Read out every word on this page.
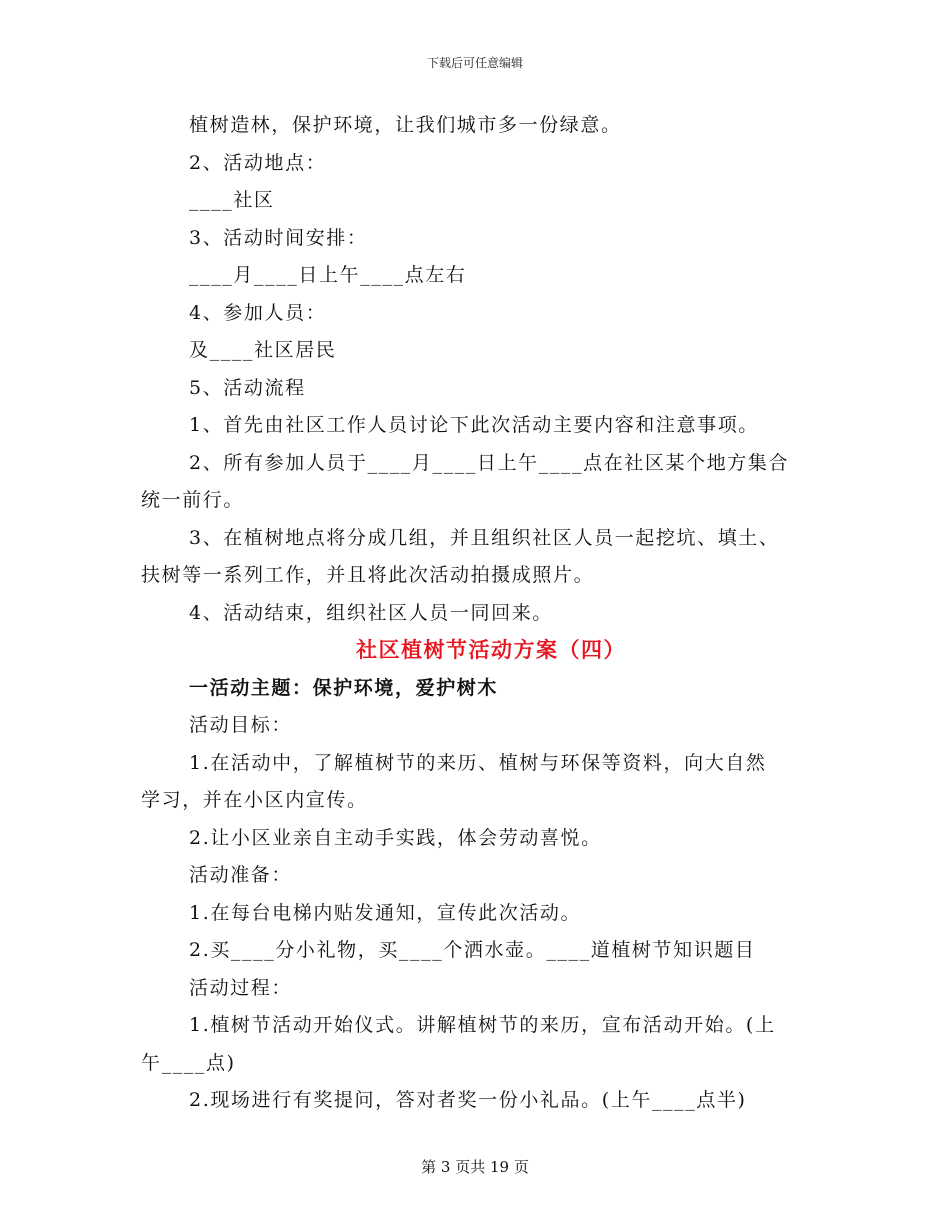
下载后可任意编辑
植树造林，保护环境，让我们城市多一份绿意。
2、活动地点：
____社区
3、活动时间安排：
____月____日上午____点左右
4、参加人员：
及____社区居民
5、活动流程
1、首先由社区工作人员讨论下此次活动主要内容和注意事项。
2、所有参加人员于____月____日上午____点在社区某个地方集合
统一前行。
3、在植树地点将分成几组，并且组织社区人员一起挖坑、填土、
扶树等一系列工作，并且将此次活动拍摄成照片。
4、活动结束，组织社区人员一同回来。
社区植树节活动方案（四）
一活动主题：保护环境，爱护树木
活动目标：
1.在活动中，了解植树节的来历、植树与环保等资料，向大自然
学习，并在小区内宣传。
2.让小区业亲自主动手实践，体会劳动喜悦。
活动准备：
1.在每台电梯内贴发通知，宣传此次活动。
2.买____分小礼物，买____个洒水壶。____道植树节知识题目
活动过程：
1.植树节活动开始仪式。讲解植树节的来历，宣布活动开始。(上
午____点)
2.现场进行有奖提问，答对者奖一份小礼品。(上午____点半)
第 3 页共 19 页
